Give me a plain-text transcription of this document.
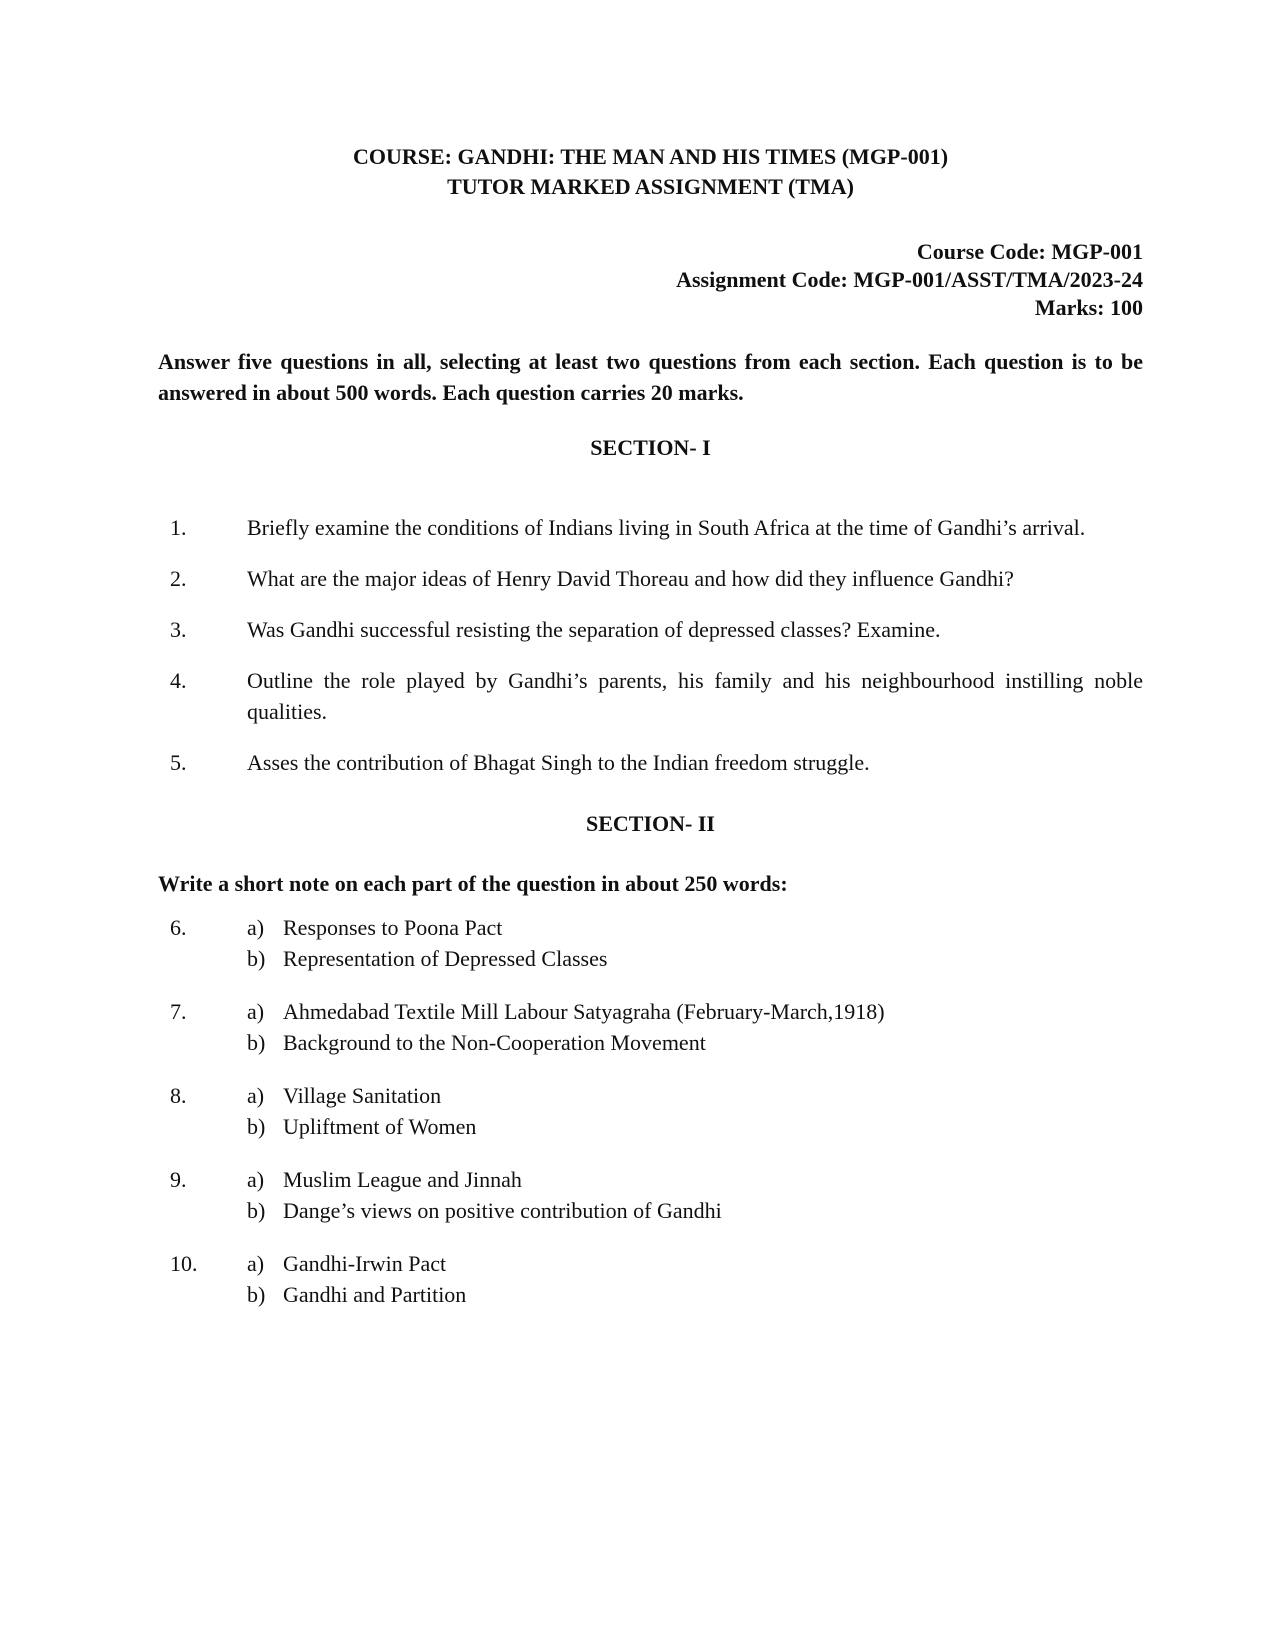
COURSE: GANDHI: THE MAN AND HIS TIMES (MGP-001)
TUTOR MARKED ASSIGNMENT (TMA)
Course Code: MGP-001
Assignment Code: MGP-001/ASST/TMA/2023-24
Marks: 100

Answer five questions in all, selecting at least two questions from each section. Each question is to be answered in about 500 words. Each question carries 20 marks.

SECTION- I
1.	Briefly examine the conditions of Indians living in South Africa at the time of Gandhi’s arrival.
2.	What are the major ideas of Henry David Thoreau and how did they influence Gandhi?
3.	Was Gandhi successful resisting the separation of depressed classes? Examine.
4.	Outline the role played by Gandhi’s parents, his family and his neighbourhood instilling noble qualities.
5.	Asses the contribution of Bhagat Singh to the Indian freedom struggle.
SECTION- II

Write a short note on each part of the question in about 250 words:

6.	a) Responses to Poona Pact
b) Representation of Depressed Classes
7.	a) Ahmedabad Textile Mill Labour Satyagraha (February-March,1918)
b) Background to the Non-Cooperation Movement
8.	a) Village Sanitation
b) Upliftment of Women
9.	a) Muslim League and Jinnah
b) Dange’s views on positive contribution of Gandhi
10.	a) Gandhi-Irwin Pact
b) Gandhi and Partition
